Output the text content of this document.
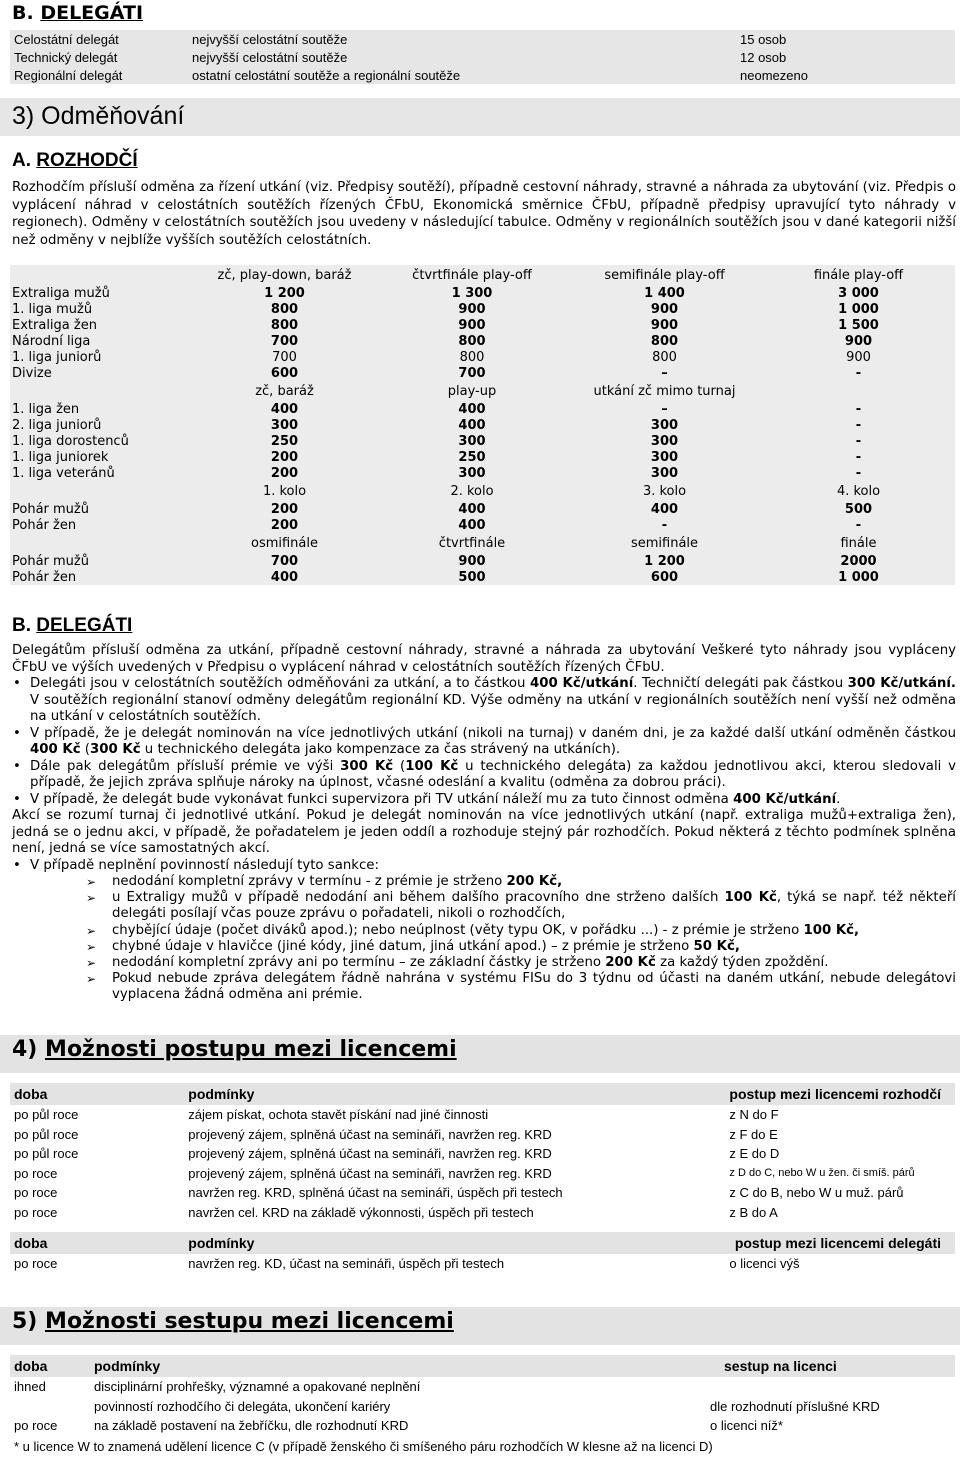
B. DELEGÁTI
Celostátní delegát	nejvyšší celostátní soutěže	15 osob
Technický delegát	nejvyšší celostátní soutěže	12 osob
Regionální delegát	ostatní celostátní soutěže a regionální soutěže	neomezeno
3) Odměňování
A. ROZHODČÍ
Rozhodčím přísluší odměna za řízení utkání (viz. Předpisy soutěží), případně cestovní náhrady, stravné a náhrada za ubytování (viz. Předpis o vyplácení náhrad v celostátních soutěžích řízených ČFbU, Ekonomická směrnice ČFbU, případně předpisy upravující tyto náhrady v regionech). Odměny v celostátních soutěžích jsou uvedeny v následující tabulce. Odměny v regionálních soutěžích jsou v dané kategorii nižší než odměny v nejblíže vyšších soutěžích celostátních.
	zč, play-down, baráž	čtvrtfinále play-off	semifinále play-off	finále play-off
Extraliga mužů	1 200	1 300	1 400	3 000
1. liga mužů	800	900	900	1 000
Extraliga žen	800	900	900	1 500
Národní liga	700	800	800	900
1. liga juniorů	700	800	800	900
Divize	600	700	–	-
	zč, baráž	play-up	utkání zč mimo turnaj	
1. liga žen	400	400	–	-
2. liga juniorů	300	400	300	-
1. liga dorostenců	250	300	300	-
1. liga juniorek	200	250	300	-
1. liga veteránů	200	300	300	-
	1. kolo	2. kolo	3. kolo	4. kolo
Pohár mužů	200	400	400	500
Pohár žen	200	400	-	-
	osmifinále	čtvrtfinále	semifinále	finále
Pohár mužů	700	900	1 200	2000
Pohár žen	400	500	600	1 000
B. DELEGÁTI

Delegátům přísluší odměna za utkání, případně cestovní náhrady, stravné a náhrada za ubytování Veškeré tyto náhrady jsou vypláceny ČFbU ve výších uvedených v Předpisu o vyplácení náhrad v celostátních soutěžích řízených ČFbU.

• Delegáti jsou v celostátních soutěžích odměňováni za utkání, a to částkou 400 Kč/utkání. Techničtí delegáti pak částkou 300 Kč/utkání. V soutěžích regionální stanoví odměny delegátům regionální KD. Výše odměny na utkání v regionálních soutěžích není vyšší než odměna na utkání v celostátních soutěžích.
• V případě, že je delegát nominován na více jednotlivých utkání (nikoli na turnaj) v daném dni, je za každé další utkání odměněn částkou 400 Kč (300 Kč u technického delegáta jako kompenzace za čas strávený na utkáních).
• Dále pak delegátům přísluší prémie ve výši 300 Kč (100 Kč u technického delegáta) za každou jednotlivou akci, kterou sledovali v případě, že jejich zpráva splňuje nároky na úplnost, včasné odeslání a kvalitu (odměna za dobrou práci).
• V případě, že delegát bude vykonávat funkci supervizora při TV utkání náleží mu za tuto činnost odměna 400 Kč/utkání.

Akcí se rozumí turnaj či jednotlivé utkání. Pokud je delegát nominován na více jednotlivých utkání (např. extraliga mužů+extraliga žen), jedná se o jednu akci, v případě, že pořadatelem je jeden oddíl a rozhoduje stejný pár rozhodčích. Pokud některá z těchto podmínek splněna není, jedná se více samostatných akcí.

• V případě neplnění povinností následují tyto sankce:
➢ nedodání kompletní zprávy v termínu - z prémie je strženo 200 Kč,
➢ u Extraligy mužů v případě nedodání ani během dalšího pracovního dne strženo dalších 100 Kč, týká se např. též někteří delegáti posílají včas pouze zprávu o pořadateli, nikoli o rozhodčích,
➢ chybějící údaje (počet diváků apod.); nebo neúplnost (věty typu OK, v pořádku ...) - z prémie je strženo 100 Kč,
➢ chybné údaje v hlavičce (jiné kódy, jiné datum, jiná utkání apod.) – z prémie je strženo 50 Kč,
➢ nedodání kompletní zprávy ani po termínu – ze základní částky je strženo 200 Kč za každý týden zpoždění.
➢ Pokud nebude zpráva delegátem řádně nahrána v systému FISu do 3 týdnu od účasti na daném utkání, nebude delegátovi vyplacena žádná odměna ani prémie.
4) Možnosti postupu mezi licencemi
doba	podmínky	postup mezi licencemi rozhodčí
po půl roce	zájem pískat, ochota stavět pískání nad jiné činnosti	z N do F
po půl roce	projevený zájem, splněná účast na semináři, navržen reg. KRD	z F do E
po půl roce	projevený zájem, splněná účast na semináři, navržen reg. KRD	z E do D
po roce	projevený zájem, splněná účast na semináři, navržen reg. KRD	z D do C, nebo W u žen. či smíš. párů
po roce	navržen reg. KRD, splněná účast na semináři, úspěch při testech	z C do B, nebo W u muž. párů
po roce	navržen cel. KRD na základě výkonnosti, úspěch při testech	z B do A

doba	podmínky	postup mezi licencemi delegáti
po roce	navržen reg. KD, účast na semináři, úspěch při testech	o licenci výš
5) Možnosti sestupu mezi licencemi
doba	podmínky	sestup na licenci
ihned	disciplinární prohřešky, významné a opakované neplnění	
	povinností rozhodčího či delegáta, ukončení kariéry	dle rozhodnutí příslušné KRD
po roce	na základě postavení na žebříčku, dle rozhodnutí KRD	o licenci níž*
* u licence W to znamená udělení licence C (v případě ženského či smíšeného páru rozhodčích W klesne až na licenci D)
